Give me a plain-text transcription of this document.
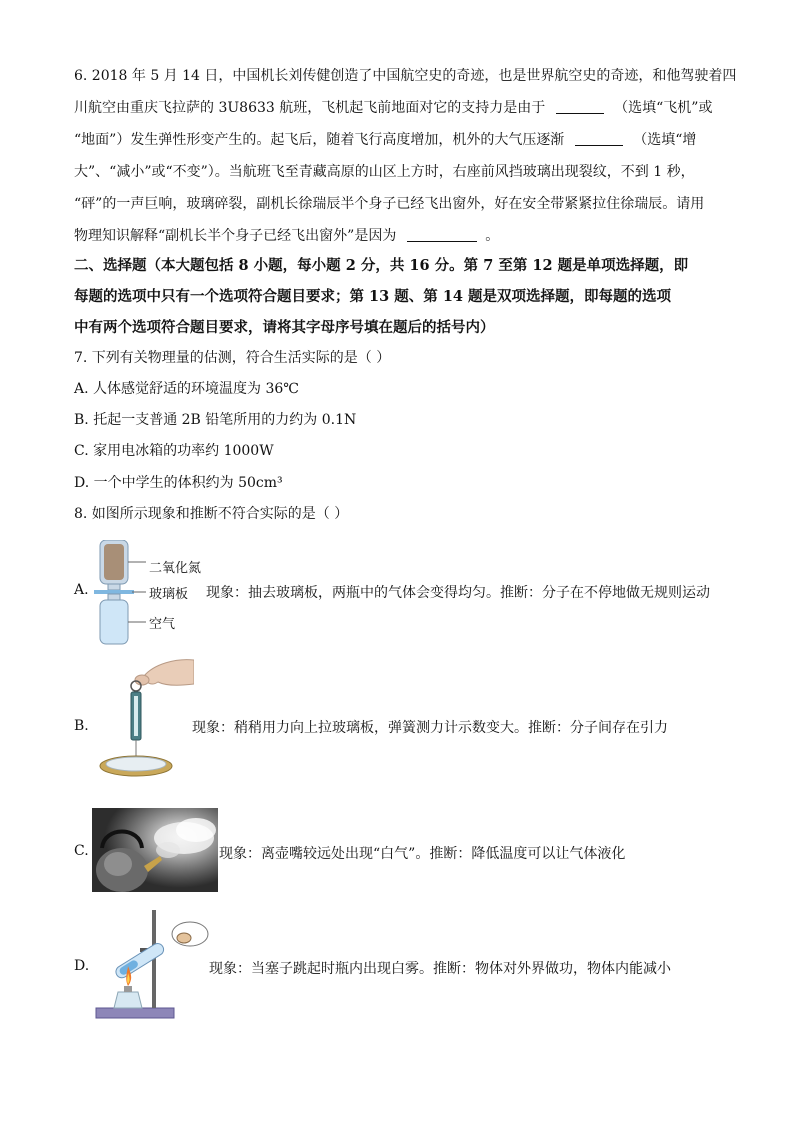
6. 2018 年 5 月 14 日，中国机长刘传健创造了中国航空史的奇迹，也是世界航空史的奇迹，和他驾驶着四
川航空由重庆飞拉萨的 3U8633 航班，飞机起飞前地面对它的支持力是由于	（选填“飞机”或
“地面”）发生弹性形变产生的。起飞后，随着飞行高度增加，机外的大气压逐渐	（选填“增
大”、“减小”或“不变”）。当航班飞至青藏高原的山区上方时，右座前风挡玻璃出现裂纹，不到 1 秒，
“砰”的一声巨响，玻璃碎裂，副机长徐瑞辰半个身子已经飞出窗外，好在安全带紧紧拉住徐瑞辰。请用
物理知识解释“副机长半个身子已经飞出窗外”是因为	。
二、选择题（本大题包括 8 小题，每小题 2 分，共 16 分。第 7 至第 12 题是单项选择题，即
每题的选项中只有一个选项符合题目要求；第 13 题、第 14 题是双项选择题，即每题的选项
中有两个选项符合题目要求，请将其字母序号填在题后的括号内）
7. 下列有关物理量的估测，符合生活实际的是（ ）
A. 人体感觉舒适的环境温度为 36℃
B. 托起一支普通 2B 铅笔所用的力约为 0.1N
C. 家用电冰箱的功率约 1000W
D. 一个中学生的体积约为 50cm³
8. 如图所示现象和推断不符合实际的是（ ）
A.
二氧化氮
玻璃板
空气
现象：抽去玻璃板，两瓶中的气体会变得均匀。推断：分子在不停地做无规则运动
B.	现象：稍稍用力向上拉玻璃板，弹簧测力计示数变大。推断：分子间存在引力
C.	现象：离壶嘴较远处出现“白气”。推断：降低温度可以让气体液化
D.	现象：当塞子跳起时瓶内出现白雾。推断：物体对外界做功，物体内能减小
